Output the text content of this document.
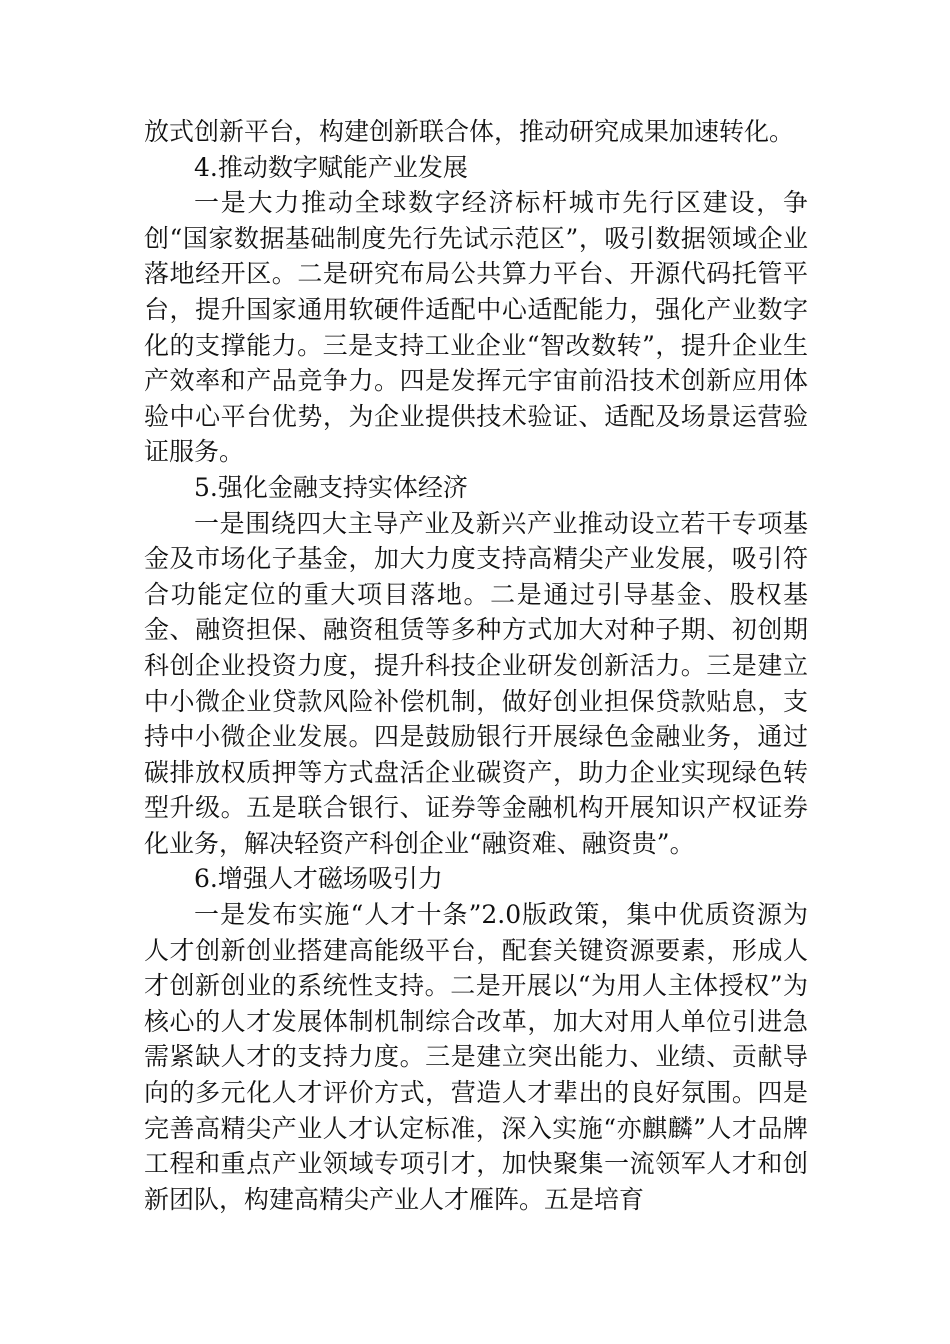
放式创新平台，构建创新联合体，推动研究成果加速转化。

4.推动数字赋能产业发展

一是大力推动全球数字经济标杆城市先行区建设，争创“国家数据基础制度先行先试示范区”，吸引数据领域企业落地经开区。二是研究布局公共算力平台、开源代码托管平台，提升国家通用软硬件适配中心适配能力，强化产业数字化的支撑能力。三是支持工业企业“智改数转”，提升企业生产效率和产品竞争力。四是发挥元宇宙前沿技术创新应用体验中心平台优势，为企业提供技术验证、适配及场景运营验证服务。

5.强化金融支持实体经济

一是围绕四大主导产业及新兴产业推动设立若干专项基金及市场化子基金，加大力度支持高精尖产业发展，吸引符合功能定位的重大项目落地。二是通过引导基金、股权基金、融资担保、融资租赁等多种方式加大对种子期、初创期科创企业投资力度，提升科技企业研发创新活力。三是建立中小微企业贷款风险补偿机制，做好创业担保贷款贴息，支持中小微企业发展。四是鼓励银行开展绿色金融业务，通过碳排放权质押等方式盘活企业碳资产，助力企业实现绿色转型升级。五是联合银行、证券等金融机构开展知识产权证券化业务，解决轻资产科创企业“融资难、融资贵”。

6.增强人才磁场吸引力

一是发布实施“人才十条”2.0版政策，集中优质资源为人才创新创业搭建高能级平台，配套关键资源要素，形成人才创新创业的系统性支持。二是开展以“为用人主体授权”为核心的人才发展体制机制综合改革，加大对用人单位引进急需紧缺人才的支持力度。三是建立突出能力、业绩、贡献导向的多元化人才评价方式，营造人才辈出的良好氛围。四是完善高精尖产业人才认定标准，深入实施“亦麒麟”人才品牌工程和重点产业领域专项引才，加快聚集一流领军人才和创新团队，构建高精尖产业人才雁阵。五是培育
